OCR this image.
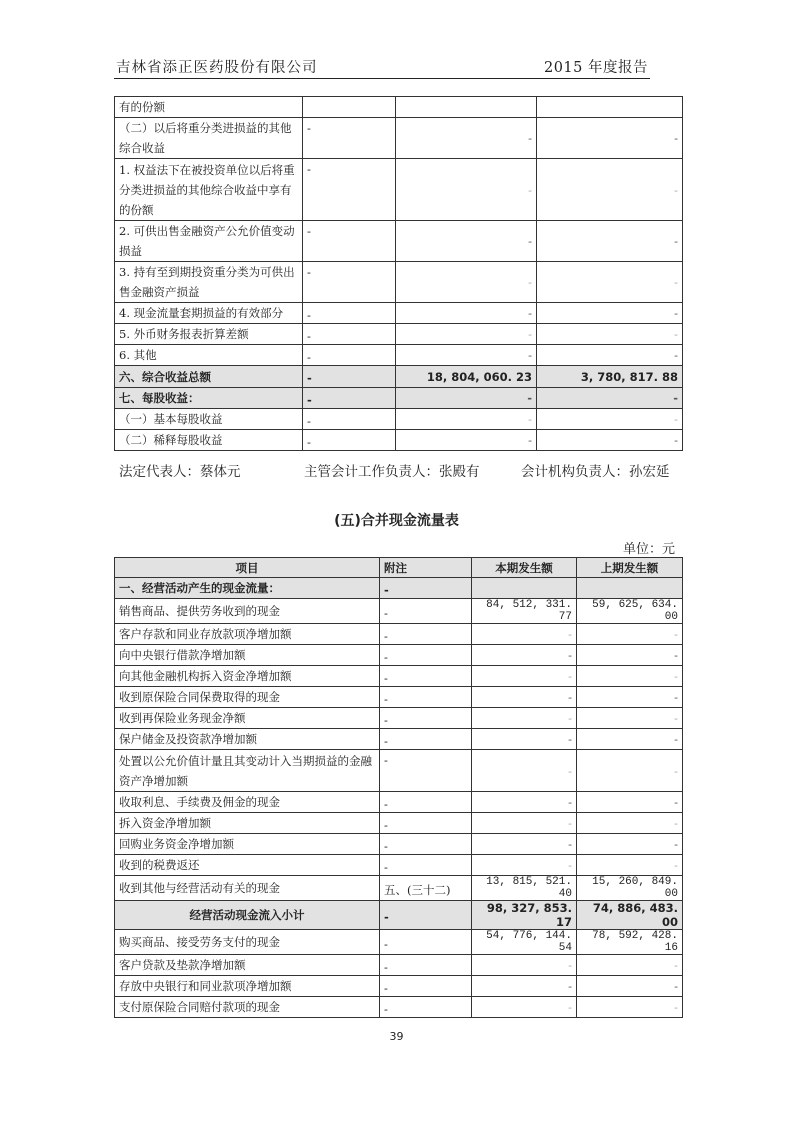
吉林省添正医药股份有限公司	2015 年度报告
有的份额			
（二）以后将重分类进损益的其他综合收益	-	-	-
1. 权益法下在被投资单位以后将重分类进损益的其他综合收益中享有的份额	-	-	-
2. 可供出售金融资产公允价值变动损益	-	-	-
3. 持有至到期投资重分类为可供出售金融资产损益	-	-	-
4. 现金流量套期损益的有效部分	-	-	-
5. 外币财务报表折算差额	-	-	-
6. 其他	-	-	-
六、综合收益总额	-	18, 804, 060. 23	3, 780, 817. 88
七、每股收益：	-	-	-
（一）基本每股收益	-	-	-
（二）稀释每股收益	-	-	-
法定代表人：蔡体元	主管会计工作负责人：张殿有	会计机构负责人：孙宏延
(五)合并现金流量表
单位：元
项目	附注	本期发生额	上期发生额
一、经营活动产生的现金流量：	-		
销售商品、提供劳务收到的现金	-	84, 512, 331. 77	59, 625, 634. 00
客户存款和同业存放款项净增加额	-	-	-
向中央银行借款净增加额	-	-	-
向其他金融机构拆入资金净增加额	-	-	-
收到原保险合同保费取得的现金	-	-	-
收到再保险业务现金净额	-	-	-
保户储金及投资款净增加额	-	-	-
处置以公允价值计量且其变动计入当期损益的金融资产净增加额	-	-	-
收取利息、手续费及佣金的现金	-	-	-
拆入资金净增加额	-	-	-
回购业务资金净增加额	-	-	-
收到的税费返还	-	-	-
收到其他与经营活动有关的现金	五、(三十二)	13, 815, 521. 40	15, 260, 849. 00
经营活动现金流入小计	-	98, 327, 853. 17	74, 886, 483. 00
购买商品、接受劳务支付的现金	-	54, 776, 144. 54	78, 592, 428. 16
客户贷款及垫款净增加额	-	-	-
存放中央银行和同业款项净增加额	-	-	-
支付原保险合同赔付款项的现金	-	-	-
39
